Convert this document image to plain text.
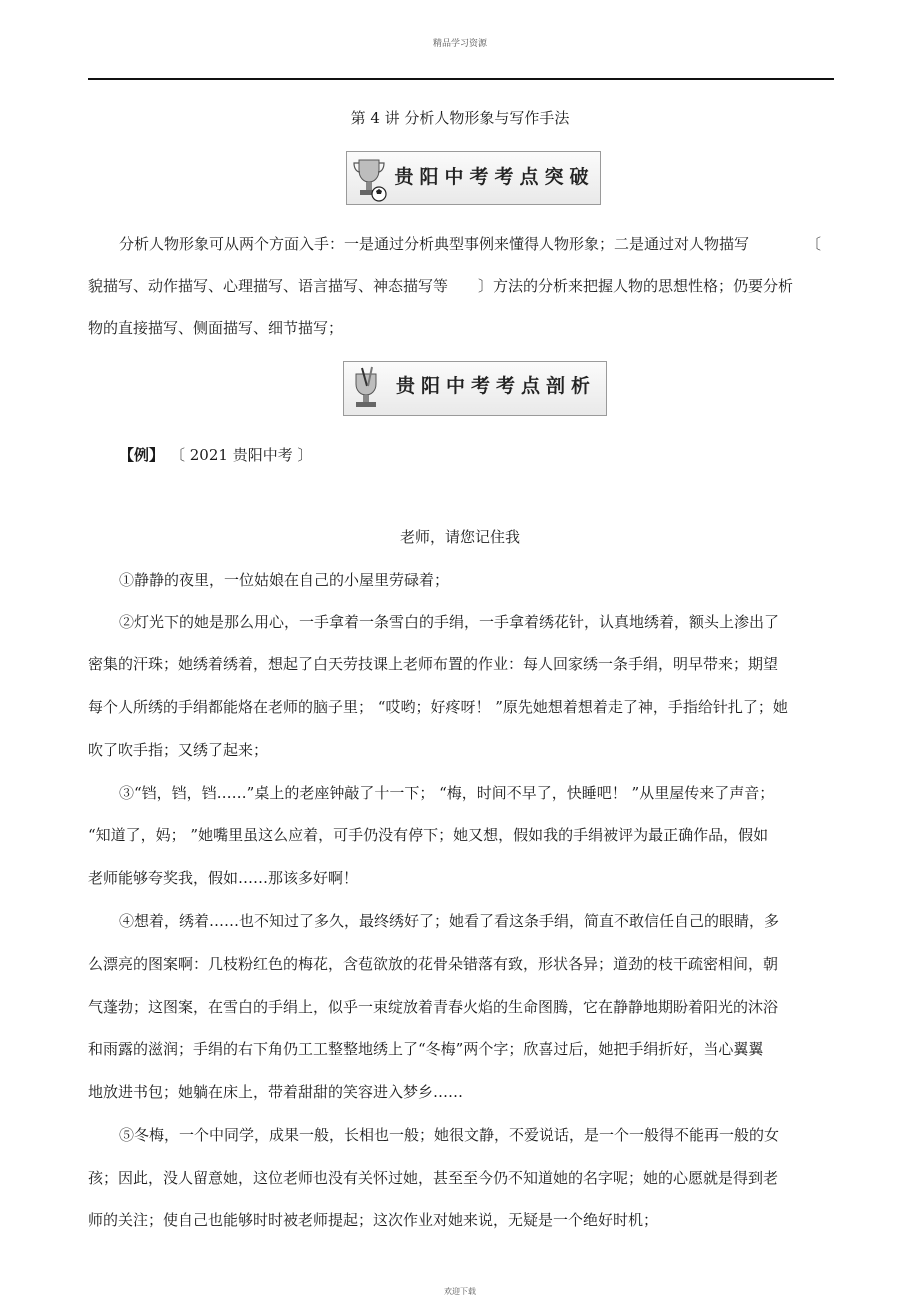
精品学习资源
第 4 讲 分析人物形象与写作手法
贵阳中考考点突破
分析人物形象可从两个方面入手：一是通过分析典型事例来懂得人物形象；二是通过对人物描写	〔
貌描写、动作描写、心理描写、语言描写、神态描写等 〕方法的分析来把握人物的思想性格；仍要分析
物的直接描写、侧面描写、细节描写；
贵阳中考考点剖析
【例】 〔 2021 贵阳中考 〕
老师，请您记住我
①静静的夜里，一位姑娘在自己的小屋里劳碌着；
②灯光下的她是那么用心，一手拿着一条雪白的手绢，一手拿着绣花针，认真地绣着，额头上渗出了
密集的汗珠；她绣着绣着，想起了白天劳技课上老师布置的作业：每人回家绣一条手绢，明早带来；期望
每个人所绣的手绢都能烙在老师的脑子里； “哎哟；好疼呀！ ”原先她想着想着走了神，手指给针扎了；她
吹了吹手指；又绣了起来；
③“铛，铛，铛……”桌上的老座钟敲了十一下； “梅，时间不早了，快睡吧！ ”从里屋传来了声音；
“知道了，妈； ”她嘴里虽这么应着，可手仍没有停下；她又想，假如我的手绢被评为最正确作品，假如
老师能够夸奖我，假如……那该多好啊！
④想着，绣着……也不知过了多久，最终绣好了；她看了看这条手绢，简直不敢信任自己的眼睛，多
么漂亮的图案啊：几枝粉红色的梅花，含苞欲放的花骨朵错落有致，形状各异；道劲的枝干疏密相间，朝
气蓬勃；这图案，在雪白的手绢上，似乎一束绽放着青春火焰的生命图腾，它在静静地期盼着阳光的沐浴
和雨露的滋润；手绢的右下角仍工工整整地绣上了“冬梅”两个字；欣喜过后，她把手绢折好，当心翼翼
地放进书包；她躺在床上，带着甜甜的笑容进入梦乡……
⑤冬梅，一个中同学，成果一般，长相也一般；她很文静，不爱说话，是一个一般得不能再一般的女
孩；因此，没人留意她，这位老师也没有关怀过她，甚至至今仍不知道她的名字呢；她的心愿就是得到老
师的关注；使自己也能够时时被老师提起；这次作业对她来说，无疑是一个绝好时机；
欢迎下载
